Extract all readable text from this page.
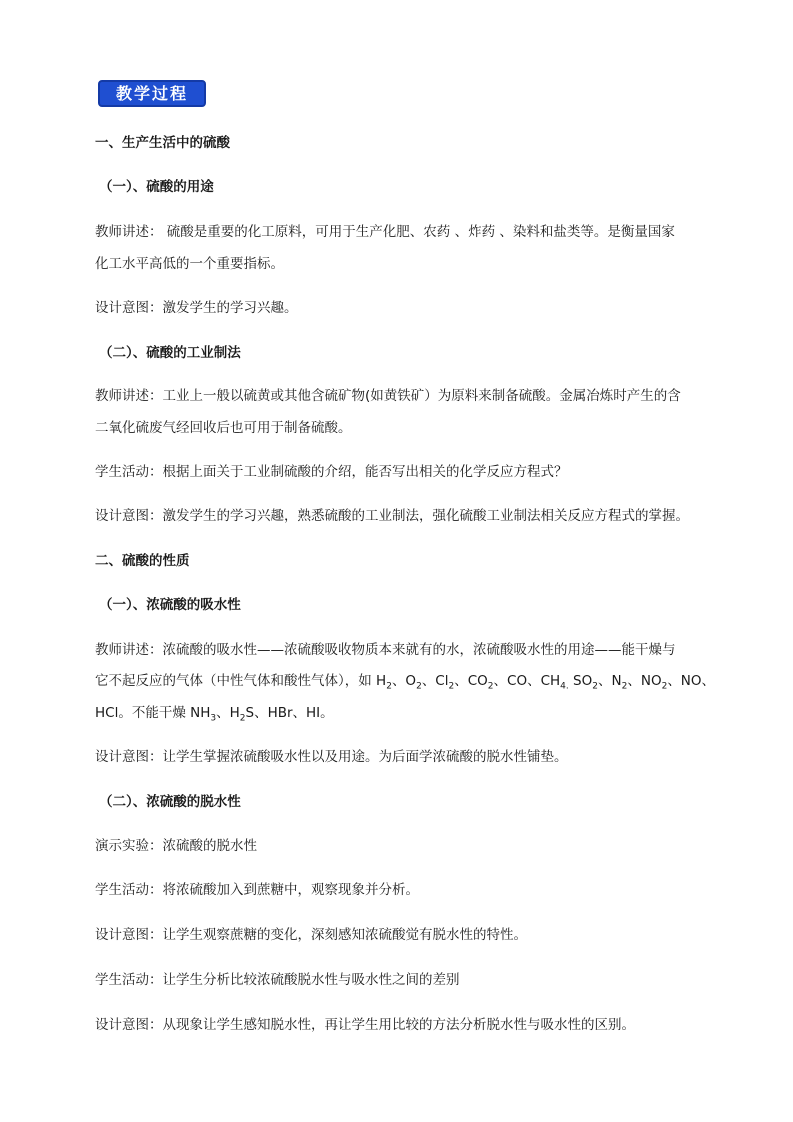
教学过程
一、生产生活中的硫酸
（一）、硫酸的用途
教师讲述： 硫酸是重要的化工原料，可用于生产化肥、农药 、炸药 、染料和盐类等。是衡量国家
化工水平高低的一个重要指标。
设计意图：激发学生的学习兴趣。
（二）、硫酸的工业制法
教师讲述：工业上一般以硫黄或其他含硫矿物(如黄铁矿）为原料来制备硫酸。金属冶炼时产生的含
二氧化硫废气经回收后也可用于制备硫酸。
学生活动：根据上面关于工业制硫酸的介绍，能否写出相关的化学反应方程式？
设计意图：激发学生的学习兴趣，熟悉硫酸的工业制法，强化硫酸工业制法相关反应方程式的掌握。
二、硫酸的性质
（一）、浓硫酸的吸水性
教师讲述：浓硫酸的吸水性——浓硫酸吸收物质本来就有的水，浓硫酸吸水性的用途——能干燥与
它不起反应的气体（中性气体和酸性气体），如 $H_2$、$O_2$、$Cl_2$、$CO_2$、CO、$CH_{4.}$ $SO_2$、$N_2$、$NO_2$、NO、
HCl。不能干燥 $NH_3$、$H_2S$、HBr、HI。
设计意图：让学生掌握浓硫酸吸水性以及用途。为后面学浓硫酸的脱水性铺垫。
（二）、浓硫酸的脱水性
演示实验：浓硫酸的脱水性
学生活动：将浓硫酸加入到蔗糖中，观察现象并分析。
设计意图：让学生观察蔗糖的变化，深刻感知浓硫酸觉有脱水性的特性。
学生活动：让学生分析比较浓硫酸脱水性与吸水性之间的差别
设计意图：从现象让学生感知脱水性，再让学生用比较的方法分析脱水性与吸水性的区别。
